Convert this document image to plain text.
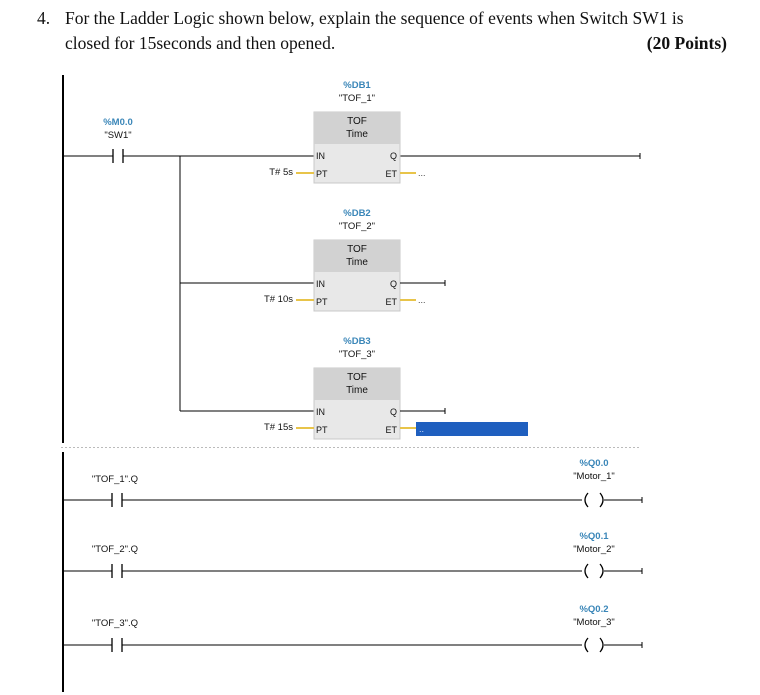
4. For the Ladder Logic shown below, explain the sequence of events when Switch SW1 is
closed for 15seconds and then opened.	(20 Points)
%M0.0
"SW1"
%DB1
"TOF_1"
TOF
Time
IN
PT
Q
ET
T# 5s	...
%DB2
"TOF_2"
TOF
Time
IN
PT
Q
ET
T# 10s	...
%DB3
"TOF_3"
TOF
Time
IN
PT
Q
ET
T# 15s	..
"TOF_1".Q
%Q0.0
"Motor_1"
"TOF_2".Q
%Q0.1
"Motor_2"
"TOF_3".Q
%Q0.2
"Motor_3"
